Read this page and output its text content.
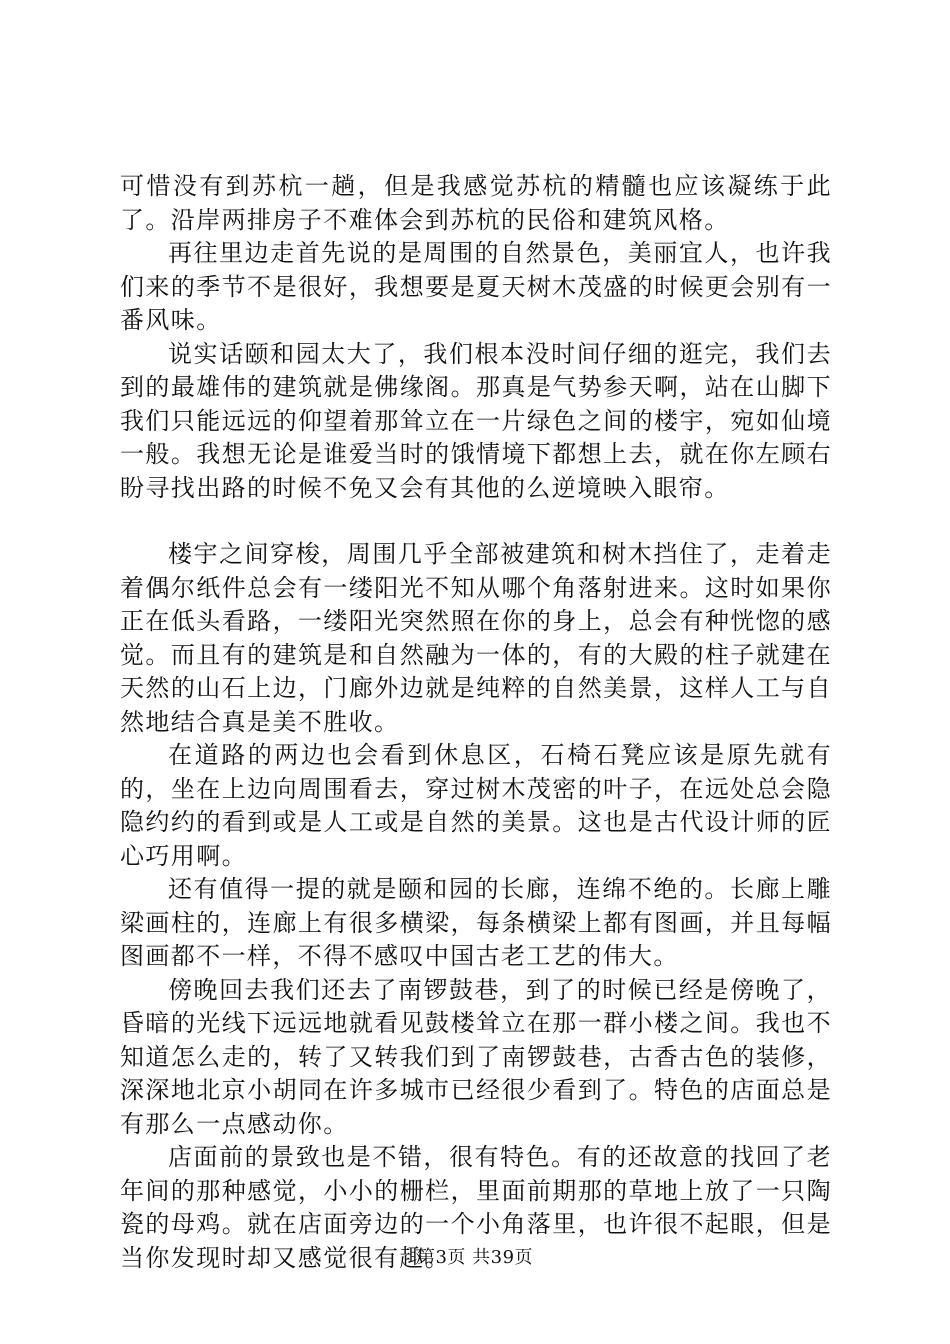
可惜没有到苏杭一趟，但是我感觉苏杭的精髓也应该凝练于此了。沿岸两排房子不难体会到苏杭的民俗和建筑风格。

再往里边走首先说的是周围的自然景色，美丽宜人，也许我们来的季节不是很好，我想要是夏天树木茂盛的时候更会别有一番风味。

说实话颐和园太大了，我们根本没时间仔细的逛完，我们去到的最雄伟的建筑就是佛缘阁。那真是气势参天啊，站在山脚下我们只能远远的仰望着那耸立在一片绿色之间的楼宇，宛如仙境一般。我想无论是谁爱当时的饿情境下都想上去，就在你左顾右盼寻找出路的时候不免又会有其他的么逆境映入眼帘。

楼宇之间穿梭，周围几乎全部被建筑和树木挡住了，走着走着偶尔纸件总会有一缕阳光不知从哪个角落射进来。这时如果你正在低头看路，一缕阳光突然照在你的身上，总会有种恍惚的感觉。而且有的建筑是和自然融为一体的，有的大殿的柱子就建在天然的山石上边，门廊外边就是纯粹的自然美景，这样人工与自然地结合真是美不胜收。

在道路的两边也会看到休息区，石椅石凳应该是原先就有的，坐在上边向周围看去，穿过树木茂密的叶子，在远处总会隐隐约约的看到或是人工或是自然的美景。这也是古代设计师的匠心巧用啊。

还有值得一提的就是颐和园的长廊，连绵不绝的。长廊上雕梁画柱的，连廊上有很多横梁，每条横梁上都有图画，并且每幅图画都不一样，不得不感叹中国古老工艺的伟大。

傍晚回去我们还去了南锣鼓巷，到了的时候已经是傍晚了，昏暗的光线下远远地就看见鼓楼耸立在那一群小楼之间。我也不知道怎么走的，转了又转我们到了南锣鼓巷，古香古色的装修，深深地北京小胡同在许多城市已经很少看到了。特色的店面总是有那么一点感动你。

店面前的景致也是不错，很有特色。有的还故意的找回了老年间的那种感觉，小小的栅栏，里面前期那的草地上放了一只陶瓷的母鸡。就在店面旁边的一个小角落里，也许很不起眼，但是当你发现时却又感觉很有趣。

第3页 共39页
